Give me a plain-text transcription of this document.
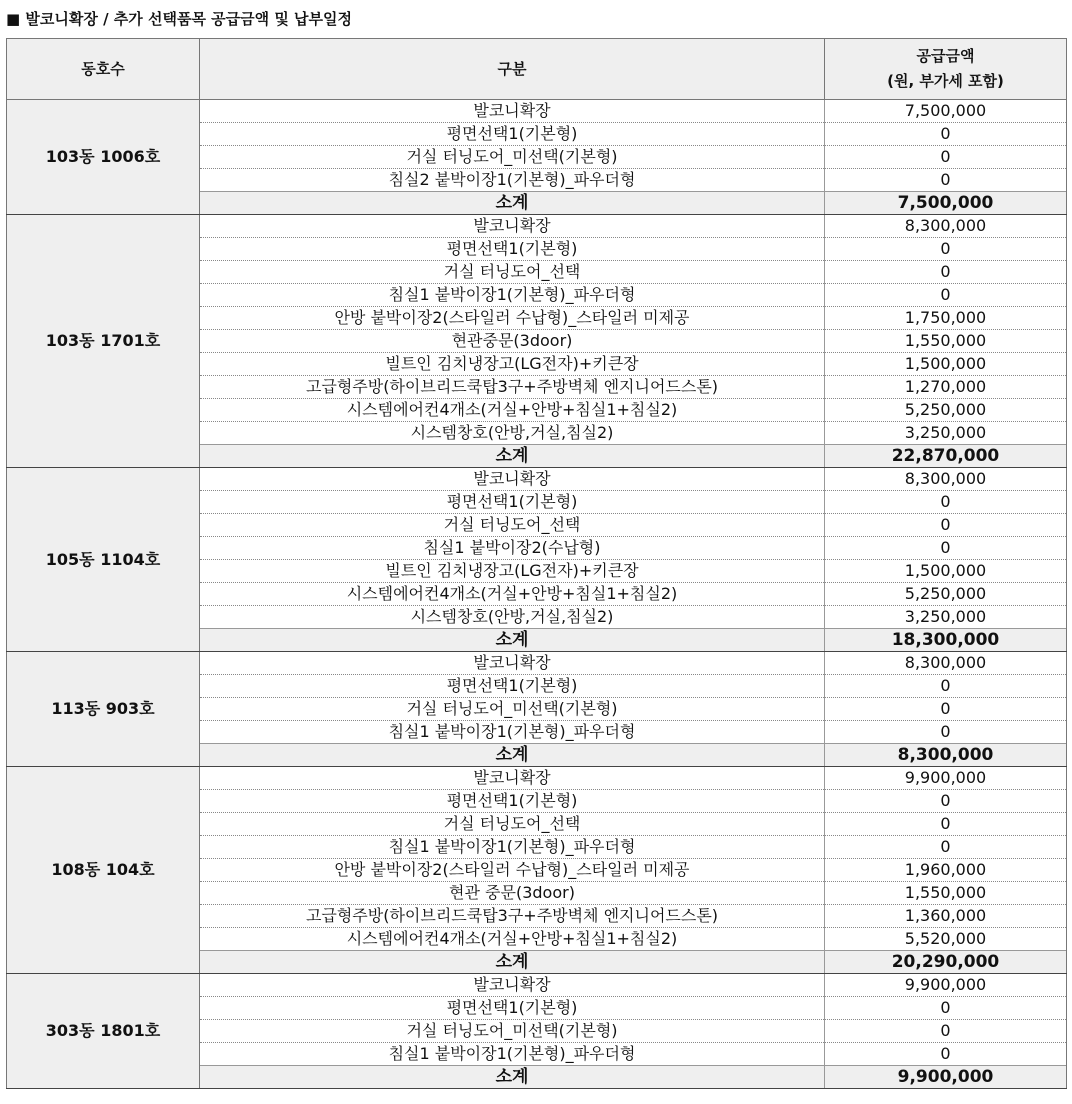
■ 발코니확장 / 추가 선택품목 공급금액 및 납부일정
동호수	구분	공급금액
(원, 부가세 포함)

103동 1006호	발코니확장	7,500,000
	평면선택1(기본형)	0
	거실 터닝도어_미선택(기본형)	0
	침실2 붙박이장1(기본형)_파우더형	0
	소계	7,500,000
103동 1701호	발코니확장	8,300,000
	평면선택1(기본형)	0
	거실 터닝도어_선택	0
	침실1 붙박이장1(기본형)_파우더형	0
	안방 붙박이장2(스타일러 수납형)_스타일러 미제공	1,750,000
	현관중문(3door)	1,550,000
	빌트인 김치냉장고(LG전자)+키큰장	1,500,000
	고급형주방(하이브리드쿡탑3구+주방벽체 엔지니어드스톤)	1,270,000
	시스템에어컨4개소(거실+안방+침실1+침실2)	5,250,000
	시스템창호(안방,거실,침실2)	3,250,000
	소계	22,870,000
105동 1104호	발코니확장	8,300,000
	평면선택1(기본형)	0
	거실 터닝도어_선택	0
	침실1 붙박이장2(수납형)	0
	빌트인 김치냉장고(LG전자)+키큰장	1,500,000
	시스템에어컨4개소(거실+안방+침실1+침실2)	5,250,000
	시스템창호(안방,거실,침실2)	3,250,000
	소계	18,300,000
113동 903호	발코니확장	8,300,000
	평면선택1(기본형)	0
	거실 터닝도어_미선택(기본형)	0
	침실1 붙박이장1(기본형)_파우더형	0
	소계	8,300,000
108동 104호	발코니확장	9,900,000
	평면선택1(기본형)	0
	거실 터닝도어_선택	0
	침실1 붙박이장1(기본형)_파우더형	0
	안방 붙박이장2(스타일러 수납형)_스타일러 미제공	1,960,000
	현관 중문(3door)	1,550,000
	고급형주방(하이브리드쿡탑3구+주방벽체 엔지니어드스톤)	1,360,000
	시스템에어컨4개소(거실+안방+침실1+침실2)	5,520,000
	소계	20,290,000
303동 1801호	발코니확장	9,900,000
	평면선택1(기본형)	0
	거실 터닝도어_미선택(기본형)	0
	침실1 붙박이장1(기본형)_파우더형	0
	소계	9,900,000
